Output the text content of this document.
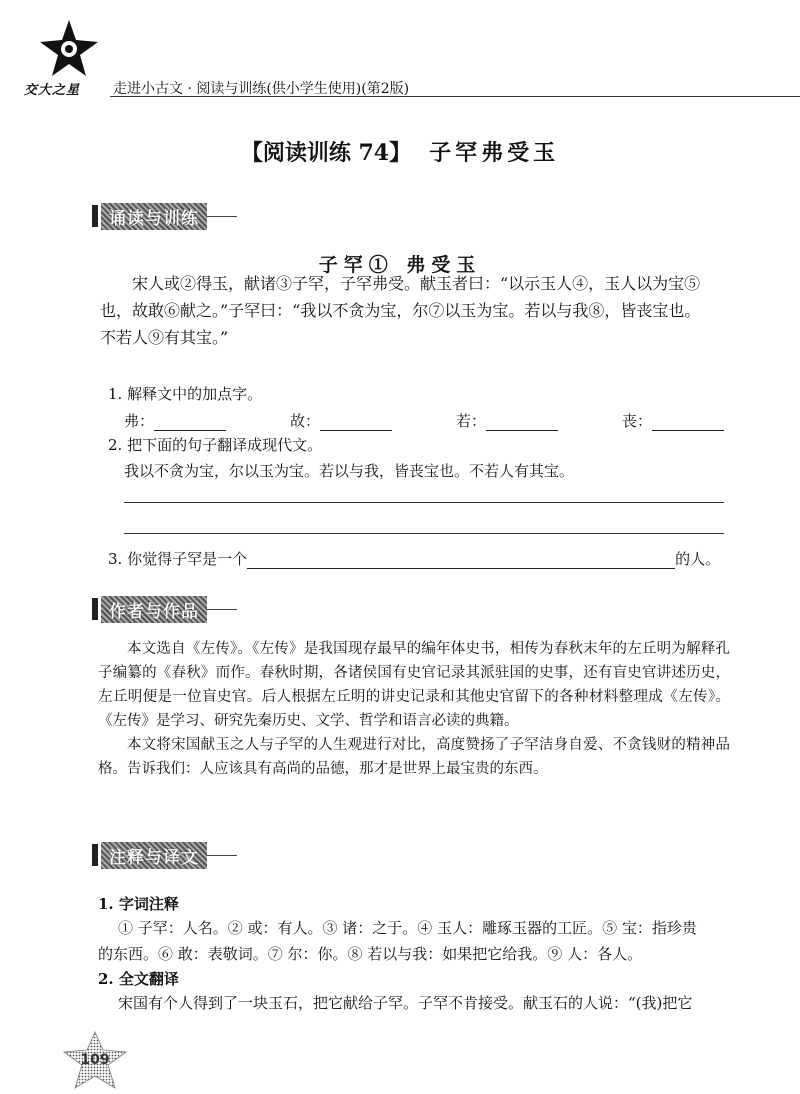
交大之星 走进小古文 · 阅读与训练(供小学生使用)(第2版)
【阅读训练 74】 子罕弗受玉
诵读与训练
子罕① 弗受玉

宋人或②得玉，献诸③子罕，子罕弗受。献玉者曰：“以示玉人④，玉人以为宝⑤

也，故敢⑥献之。”子罕曰：“我以不贪为宝，尔⑦以玉为宝。若以与我⑧，皆丧宝也。

不若人⑨有其宝。”

1. 解释文中的加点字。
弗：	故：	若：	丧：
2. 把下面的句子翻译成现代文。
我以不贪为宝，尔以玉为宝。若以与我，皆丧宝也。不若人有其宝。
3. 你觉得子罕是一个	的人。
作者与作品

本文选自《左传》。《左传》是我国现存最早的编年体史书，相传为春秋末年的左丘明为解释孔子编纂的《春秋》而作。春秋时期，各诸侯国有史官记录其派驻国的史事，还有盲史官讲述历史，左丘明便是一位盲史官。后人根据左丘明的讲史记录和其他史官留下的各种材料整理成《左传》。《左传》是学习、研究先秦历史、文学、哲学和语言必读的典籍。

本文将宋国献玉之人与子罕的人生观进行对比，高度赞扬了子罕洁身自爱、不贪钱财的精神品格。告诉我们：人应该具有高尚的品德，那才是世界上最宝贵的东西。

注释与译文
1. 字词注释
① 子罕：人名。② 或：有人。③ 诸：之于。④ 玉人：雕琢玉器的工匠。⑤ 宝：指珍贵
的东西。⑥ 敢：表敬词。⑦ 尔：你。⑧ 若以与我：如果把它给我。⑨ 人：各人。
2. 全文翻译
宋国有个人得到了一块玉石，把它献给子罕。子罕不肯接受。献玉石的人说：“(我)把它
109
